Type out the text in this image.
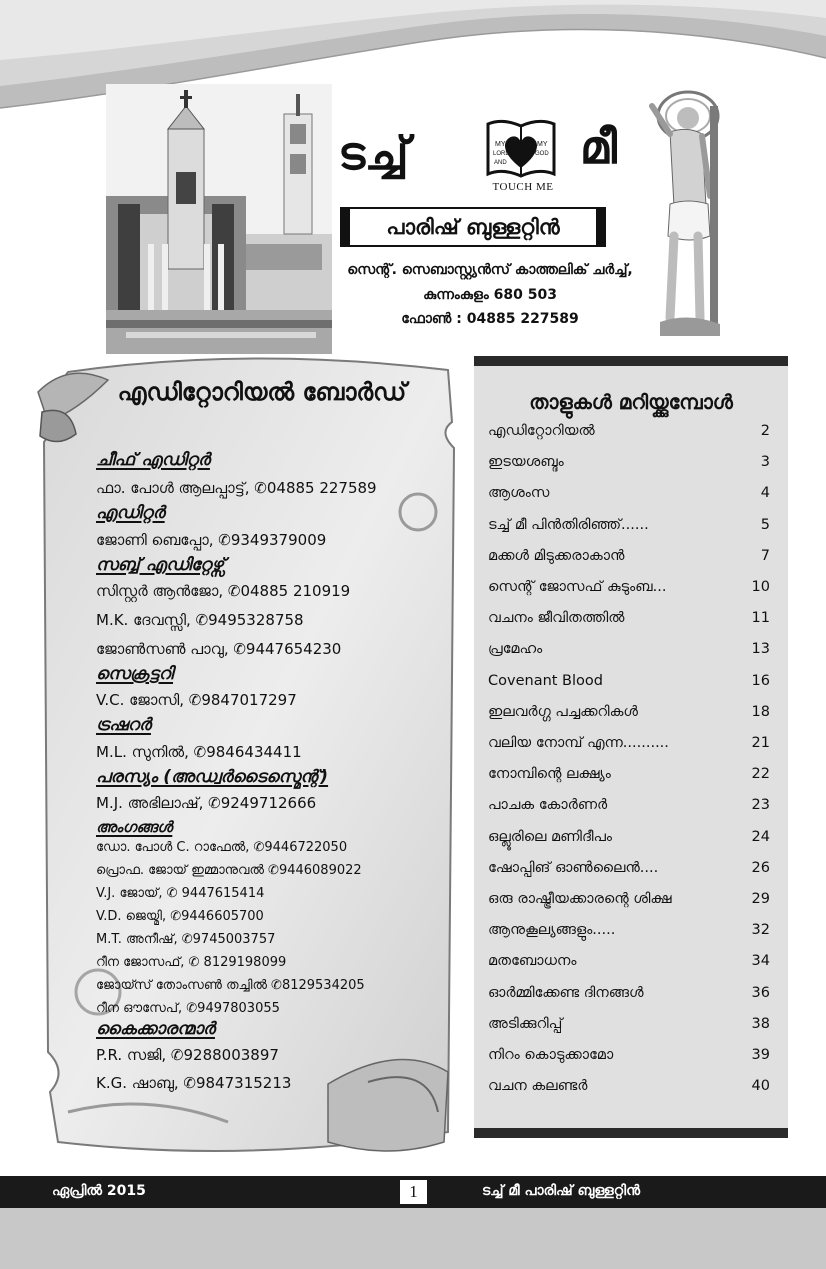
ടച്ച്	MY
LORD
AND
MY
GOD മീ
TOUCH ME
പാരിഷ് ബുള്ളറ്റിൻ
സെന്റ്. സെബാസ്റ്റ്യൻസ് കാത്തലിക് ചർച്ച്,
കുന്നംകുളം 680 503
ഫോൺ : 04885 227589
എഡിറ്റോറിയൽ ബോർഡ്
ചീഫ് എഡിറ്റർ
ഫാ. പോൾ ആലപ്പാട്ട്, ✆04885 227589
എഡിറ്റർ
ജോണി ബെപ്പോ, ✆9349379009
സബ്ബ് എഡിറ്റേഴ്സ്
സിസ്റ്റർ ആൻജോ, ✆04885 210919
M.K. ദേവസ്സി, ✆9495328758
ജോൺസൺ പാവു, ✆9447654230
സെക്രട്ടറി
V.C. ജോസി, ✆9847017297
ട്രഷറർ
M.L. സുനിൽ, ✆9846434411
പരസ്യം (അഡ്വർടൈസ്മെന്റ്)
M.J. അഭിലാഷ്, ✆9249712666
അംഗങ്ങൾ
ഡോ. പോൾ C. റാഫേൽ, ✆9446722050
പ്രൊഫ. ജോയ് ഇമ്മാനുവൽ ✆9446089022
V.J. ജോയ്, ✆ 9447615414
V.D. ജെയ്മി, ✆9446605700
M.T. അനീഷ്, ✆9745003757
റീന ജോസഫ്, ✆ 8129198099
ജോയ്സ് തോംസൺ തച്ചിൽ ✆8129534205
റീന ഔസേപ്, ✆9497803055
കൈക്കാരന്മാർ
P.R. സജി, ✆9288003897
K.G. ഷാബു, ✆9847315213
താളുകൾ മറിയ്ക്കുമ്പോൾ
എഡിറ്റോറിയൽ	2
ഇടയശബ്ദം	3
ആശംസ	4
ടച്ച് മീ പിൻതിരിഞ്ഞ്......	5
മക്കൾ മിടുക്കരാകാൻ	7
സെന്റ് ജോസഫ് കുടുംബ...	10
വചനം ജീവിതത്തിൽ	11
പ്രമേഹം	13
Covenant Blood	16
ഇലവർഗ്ഗ പച്ചക്കറികൾ	18
വലിയ നോമ്പ് എന്ന..........	21
നോമ്പിന്റെ ലക്ഷ്യം	22
പാചക കോർണർ	23
ഒല്ലൂരിലെ മണിദീപം	24
ഷോപ്പിങ് ഓൺലൈൻ....	26
ഒരു രാഷ്ട്രീയക്കാരന്റെ ശിക്ഷ	29
ആനുകൂല്യങ്ങളും.....	32
മതബോധനം	34
ഓർമ്മിക്കേണ്ട ദിനങ്ങൾ	36
അടിക്കുറിപ്പ്	38
നിറം കൊടുക്കാമോ	39
വചന കലണ്ടർ	40
ഏപ്രിൽ 2015	1	ടച്ച് മീ പാരിഷ് ബുള്ളറ്റിൻ
